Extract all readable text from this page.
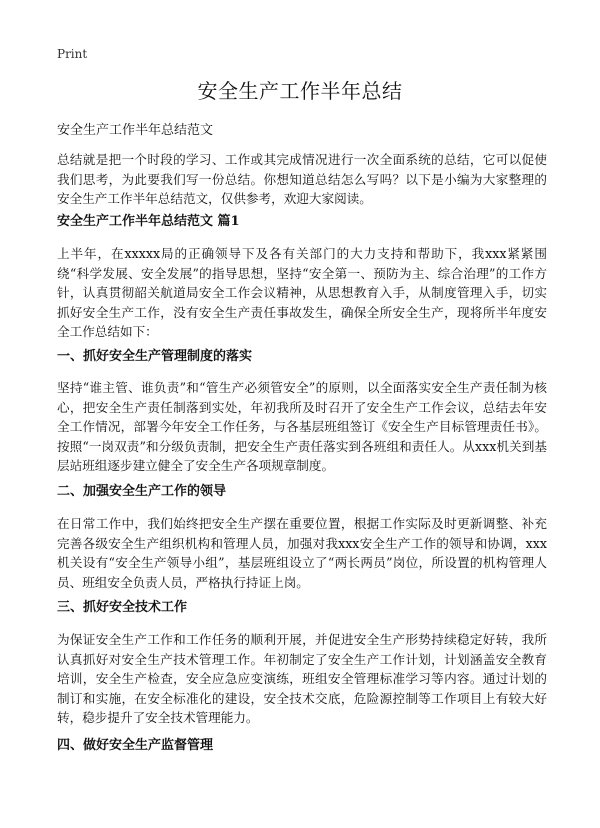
Print
安全生产工作半年总结
安全生产工作半年总结范文

总结就是把一个时段的学习、工作或其完成情况进行一次全面系统的总结，它可以促使我们思考，为此要我们写一份总结。你想知道总结怎么写吗？以下是小编为大家整理的安全生产工作半年总结范文，仅供参考，欢迎大家阅读。

安全生产工作半年总结范文 篇1

上半年，在xxxxx局的正确领导下及各有关部门的大力支持和帮助下，我xxx紧紧围绕“科学发展、安全发展”的指导思想，坚持“安全第一、预防为主、综合治理”的工作方针，认真贯彻韶关航道局安全工作会议精神，从思想教育入手，从制度管理入手，切实抓好安全生产工作，没有安全生产责任事故发生，确保全所安全生产，现将所半年度安全工作总结如下：

一、抓好安全生产管理制度的落实

坚持“谁主管、谁负责”和“管生产必须管安全”的原则，以全面落实安全生产责任制为核心，把安全生产责任制落到实处，年初我所及时召开了安全生产工作会议，总结去年安全工作情况，部署今年安全工作任务，与各基层班组签订《安全生产目标管理责任书》。按照“一岗双责”和分级负责制，把安全生产责任落实到各班组和责任人。从xxx机关到基层站班组逐步建立健全了安全生产各项规章制度。

二、加强安全生产工作的领导

在日常工作中，我们始终把安全生产摆在重要位置，根据工作实际及时更新调整、补充完善各级安全生产组织机构和管理人员，加强对我xxx安全生产工作的领导和协调，xxx机关设有“安全生产领导小组”，基层班组设立了“两长两员”岗位，所设置的机构管理人员、班组安全负责人员，严格执行持证上岗。

三、抓好安全技术工作

为保证安全生产工作和工作任务的顺利开展，并促进安全生产形势持续稳定好转，我所认真抓好对安全生产技术管理工作。年初制定了安全生产工作计划，计划涵盖安全教育培训，安全生产检查，安全应急应变演练，班组安全管理标准学习等内容。通过计划的制订和实施，在安全标准化的建设，安全技术交底，危险源控制等工作项目上有较大好转，稳步提升了安全技术管理能力。

四、做好安全生产监督管理
